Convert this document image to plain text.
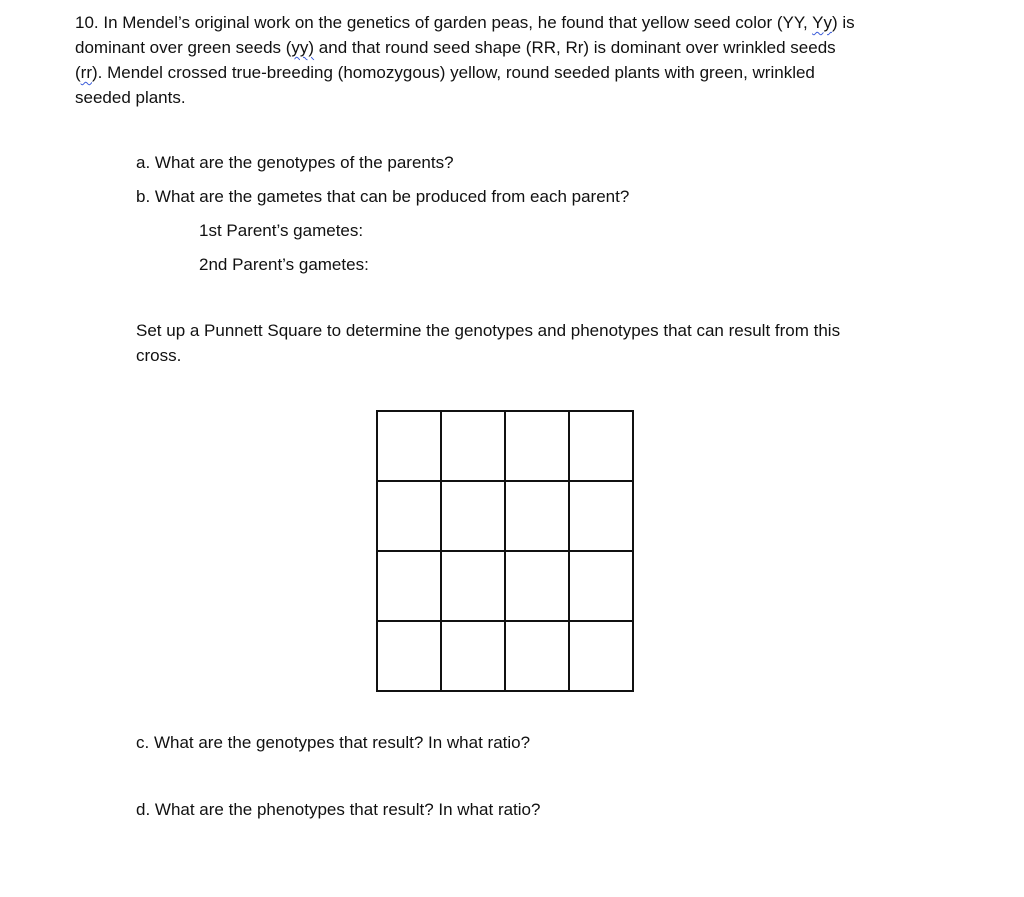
10. In Mendel’s original work on the genetics of garden peas, he found that yellow seed color (YY, Yy) is
dominant over green seeds (yy) and that round seed shape (RR, Rr) is dominant over wrinkled seeds
(rr). Mendel crossed true-breeding (homozygous) yellow, round seeded plants with green, wrinkled
seeded plants.

a. What are the genotypes of the parents?

b. What are the gametes that can be produced from each parent?

1st Parent’s gametes:

2nd Parent’s gametes:

Set up a Punnett Square to determine the genotypes and phenotypes that can result from this
cross.

c. What are the genotypes that result? In what ratio?

d. What are the phenotypes that result? In what ratio?
